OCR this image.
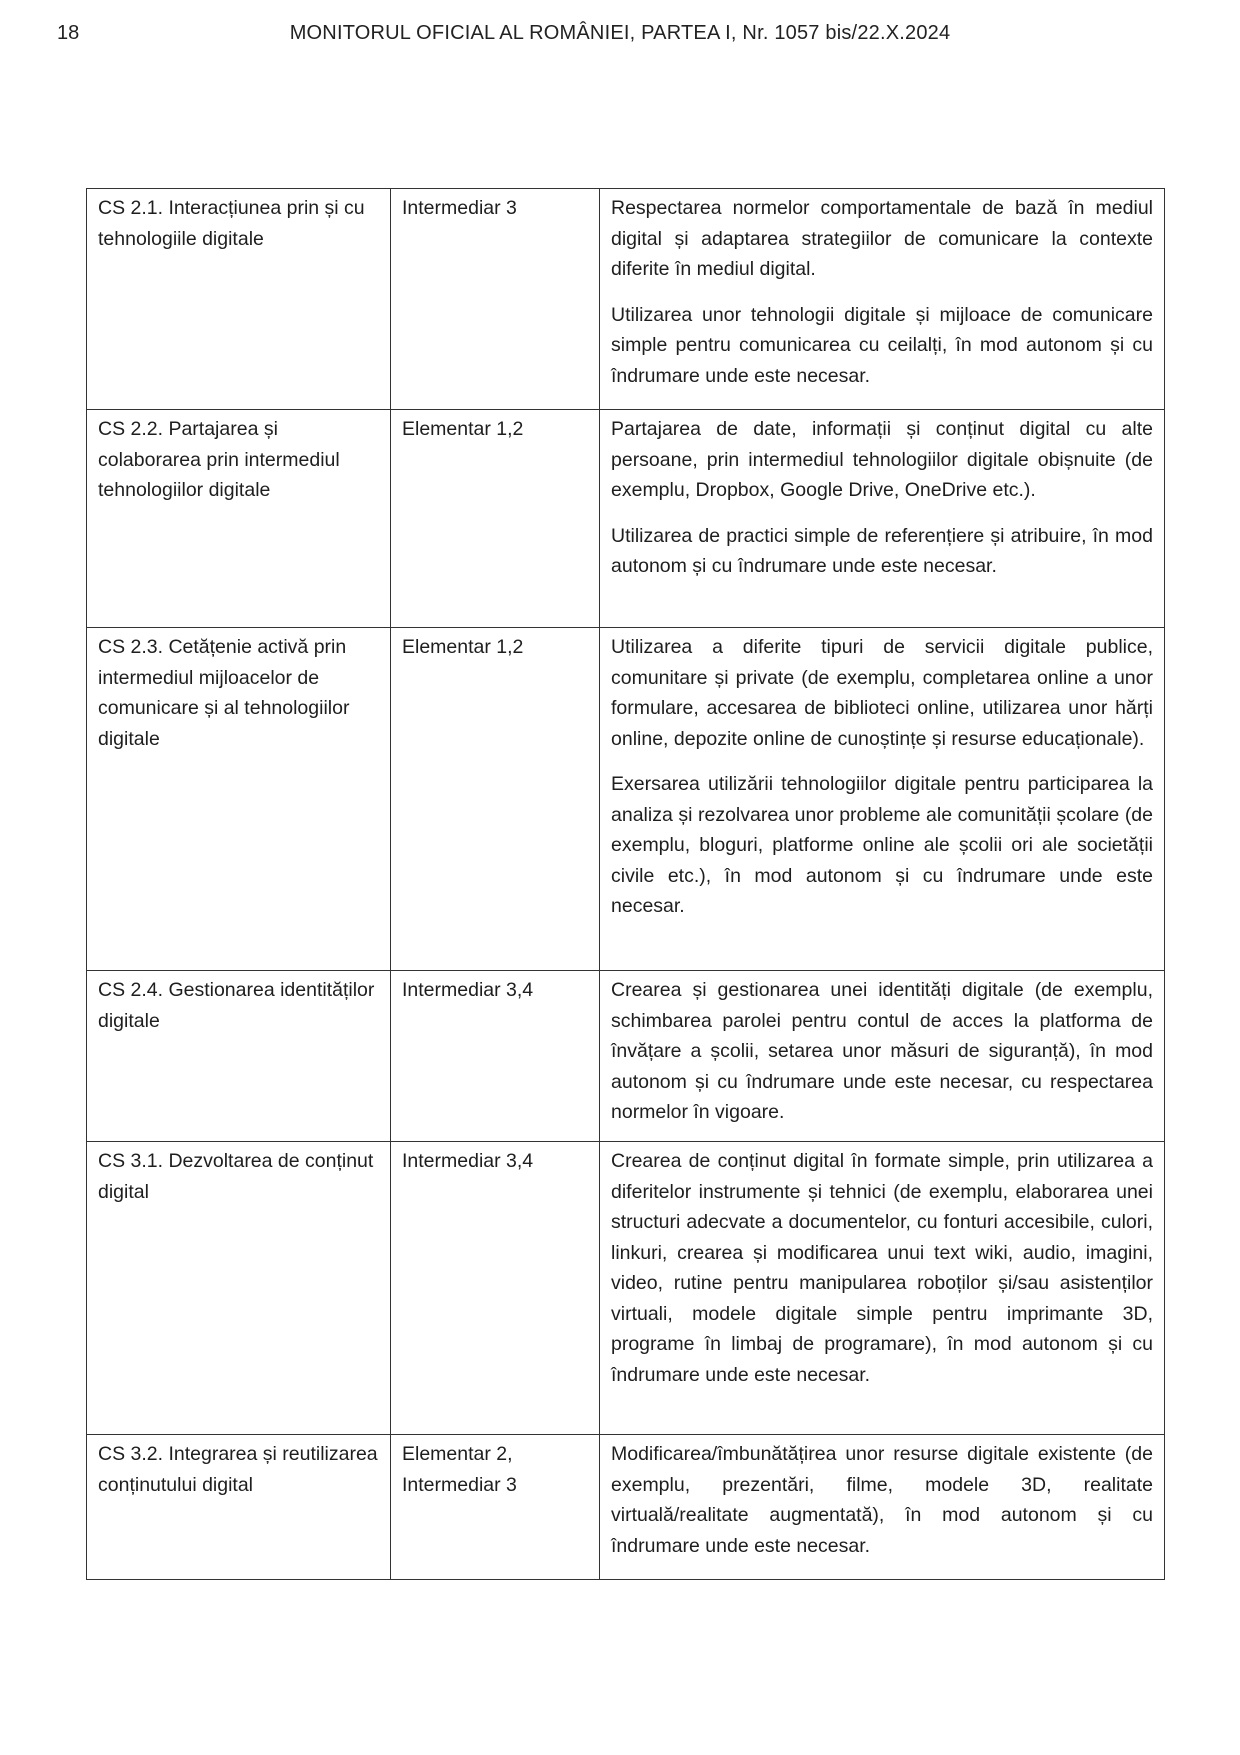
18	MONITORUL OFICIAL AL ROMÂNIEI, PARTEA I, Nr. 1057 bis/22.X.2024
CS 2.1. Interacțiunea prin și cu tehnologiile digitale	Intermediar 3	Respectarea normelor comportamentale de bază în mediul digital și adaptarea strategiilor de comunicare la contexte diferite în mediul digital.

Utilizarea unor tehnologii digitale și mijloace de comunicare simple pentru comunicarea cu ceilalți, în mod autonom și cu îndrumare unde este necesar.

CS 2.2. Partajarea și colaborarea prin intermediul tehnologiilor digitale	Elementar 1,2	Partajarea de date, informații și conținut digital cu alte persoane, prin intermediul tehnologiilor digitale obișnuite (de exemplu, Dropbox, Google Drive, OneDrive etc.).

Utilizarea de practici simple de referențiere și atribuire, în mod autonom și cu îndrumare unde este necesar.

CS 2.3. Cetățenie activă prin intermediul mijloacelor de comunicare și al tehnologiilor digitale	Elementar 1,2	Utilizarea a diferite tipuri de servicii digitale publice, comunitare și private (de exemplu, completarea online a unor formulare, accesarea de biblioteci online, utilizarea unor hărți online, depozite online de cunoștințe și resurse educaționale).

Exersarea utilizării tehnologiilor digitale pentru participarea la analiza și rezolvarea unor probleme ale comunității școlare (de exemplu, bloguri, platforme online ale școlii ori ale societății civile etc.), în mod autonom și cu îndrumare unde este necesar.

CS 2.4. Gestionarea identităților digitale	Intermediar 3,4	Crearea și gestionarea unei identități digitale (de exemplu, schimbarea parolei pentru contul de acces la platforma de învățare a școlii, setarea unor măsuri de siguranță), în mod autonom și cu îndrumare unde este necesar, cu respectarea normelor în vigoare.

CS 3.1. Dezvoltarea de conținut digital	Intermediar 3,4	Crearea de conținut digital în formate simple, prin utilizarea a diferitelor instrumente și tehnici (de exemplu, elaborarea unei structuri adecvate a documentelor, cu fonturi accesibile, culori, linkuri, crearea și modificarea unui text wiki, audio, imagini, video, rutine pentru manipularea roboților și/sau asistenților virtuali, modele digitale simple pentru imprimante 3D, programe în limbaj de programare), în mod autonom și cu îndrumare unde este necesar.

CS 3.2. Integrarea și reutilizarea conținutului digital	Elementar 2, Intermediar 3	Modificarea/îmbunătățirea unor resurse digitale existente (de exemplu, prezentări, filme, modele 3D, realitate virtuală/realitate augmentată), în mod autonom și cu îndrumare unde este necesar.
